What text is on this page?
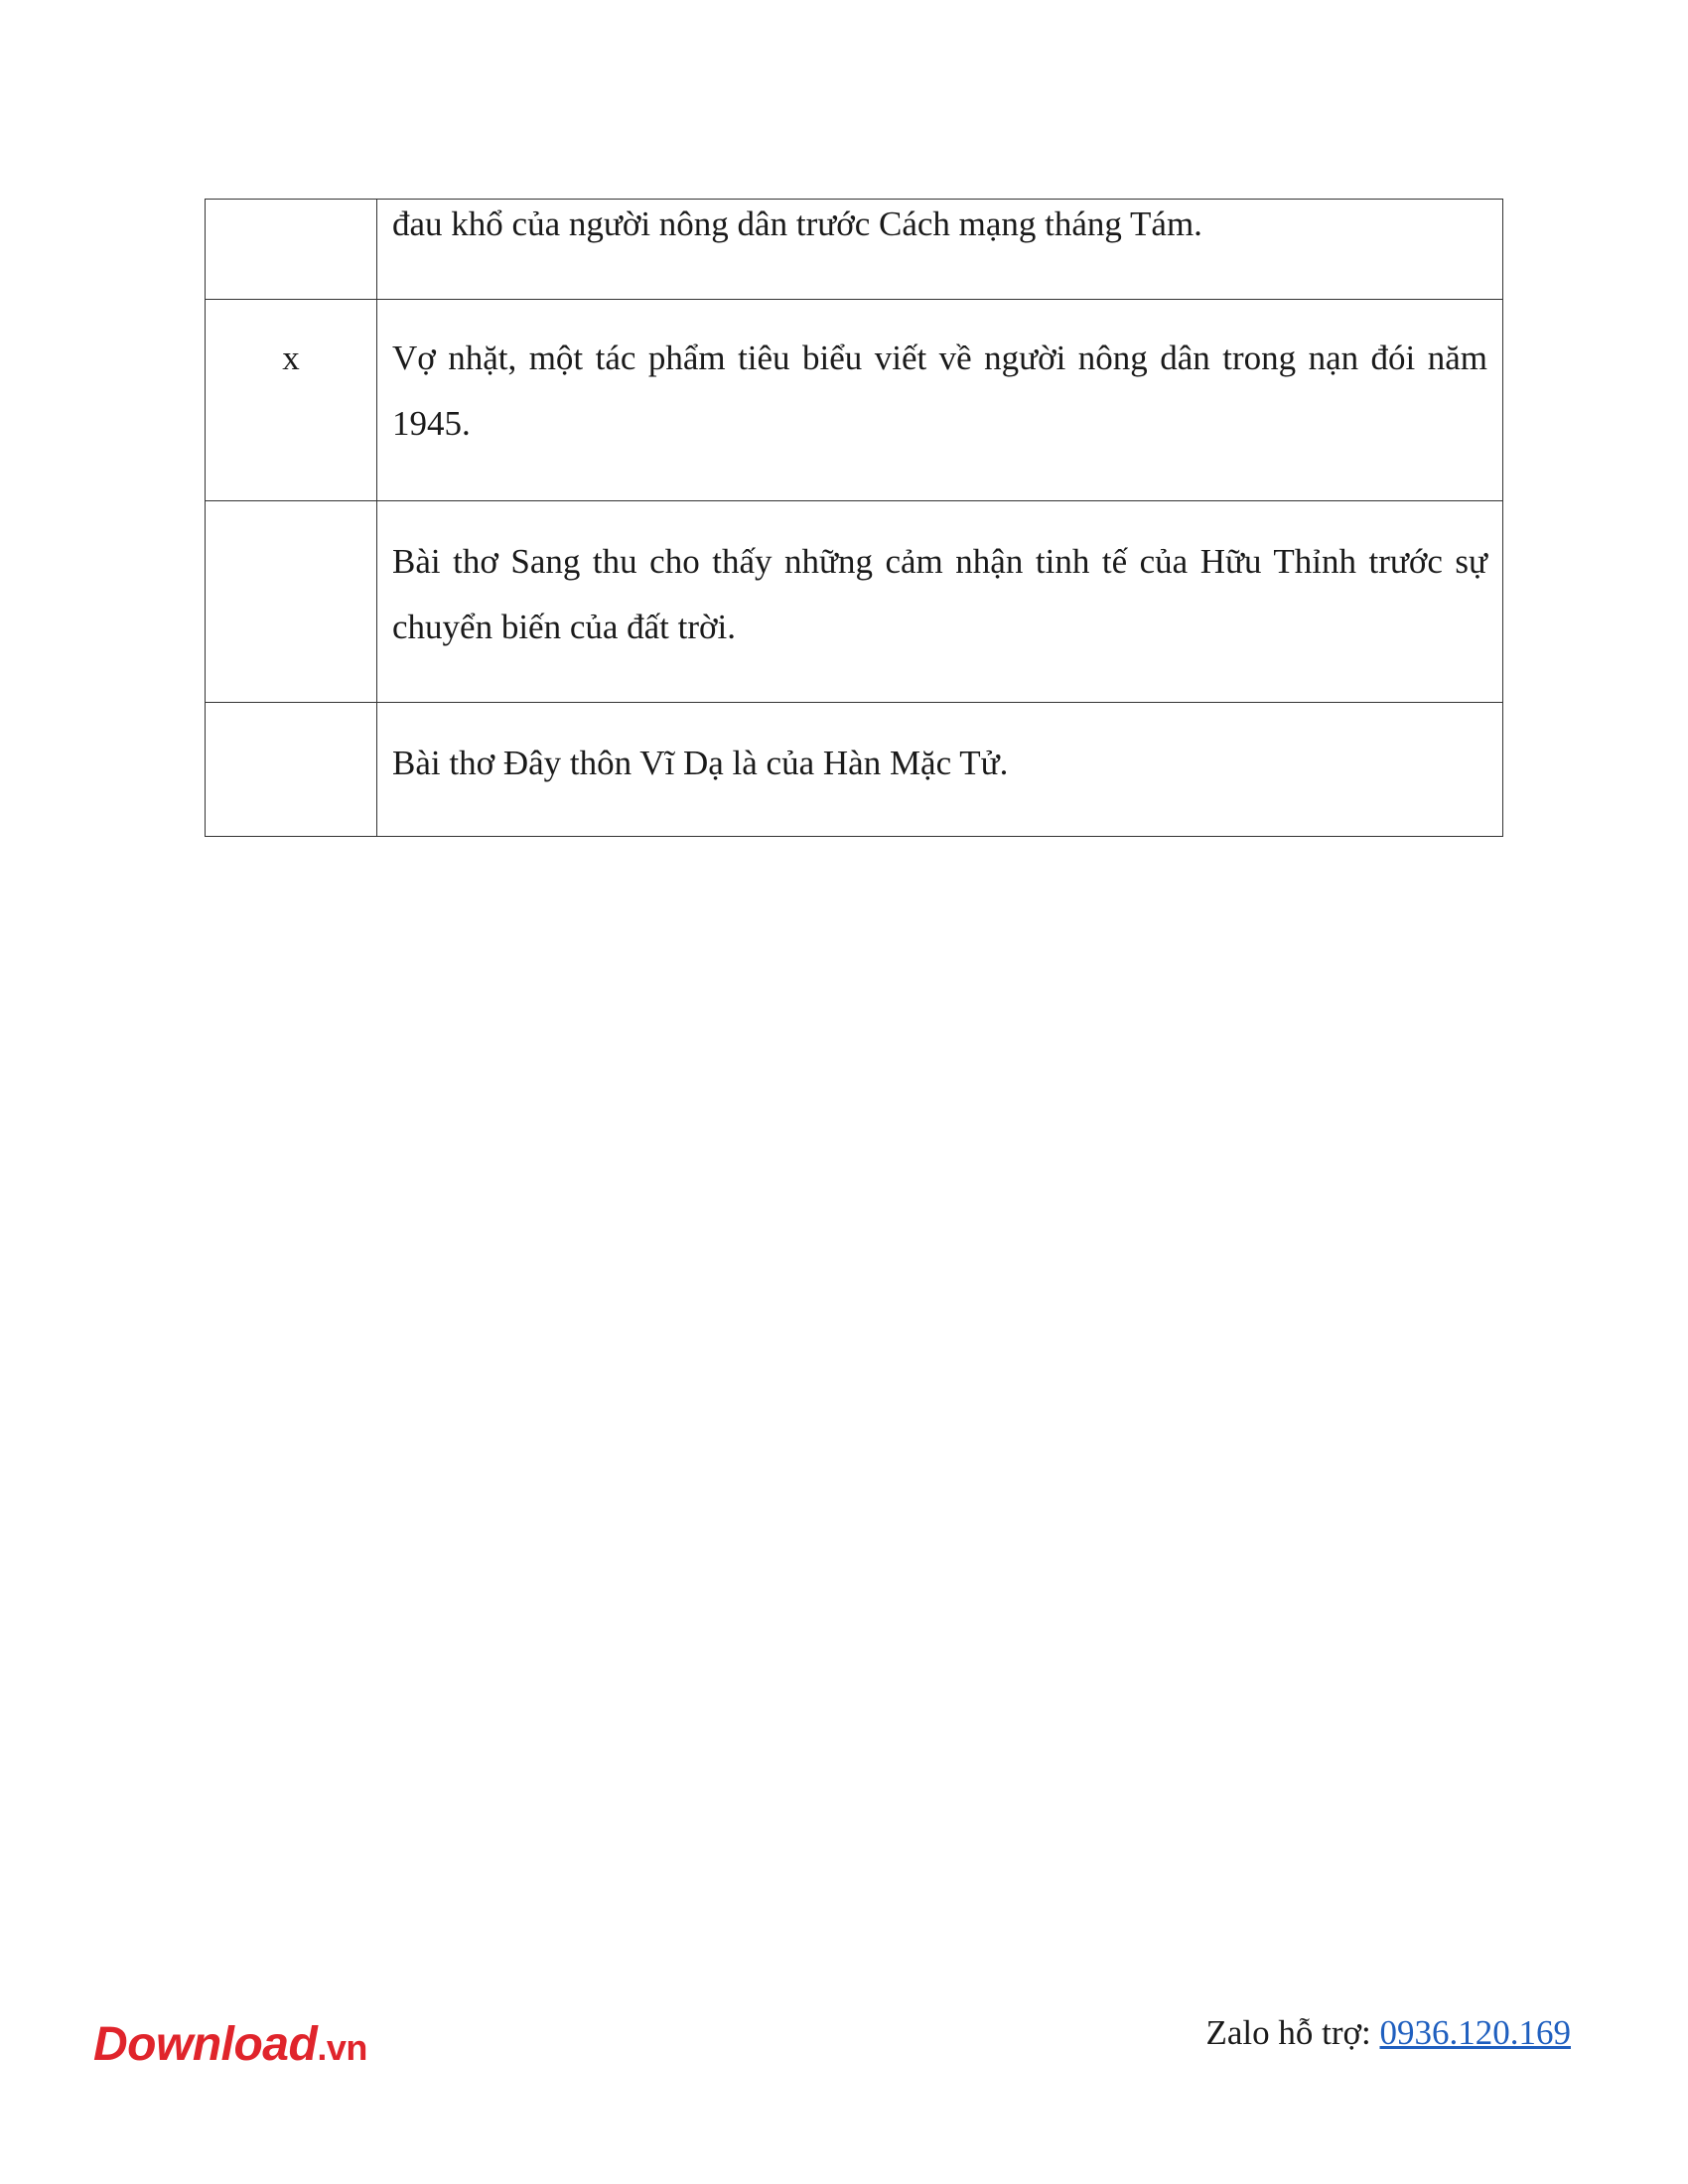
	đau khổ của người nông dân trước Cách mạng tháng Tám.

x	Vợ nhặt, một tác phẩm tiêu biểu viết về người nông dân trong nạn đói năm 1945.

	Bài thơ Sang thu cho thấy những cảm nhận tinh tế của Hữu Thỉnh trước sự chuyển biến của đất trời.

	Bài thơ Đây thôn Vĩ Dạ là của Hàn Mặc Tử.
Download.vn	Zalo hỗ trợ: 0936.120.169
